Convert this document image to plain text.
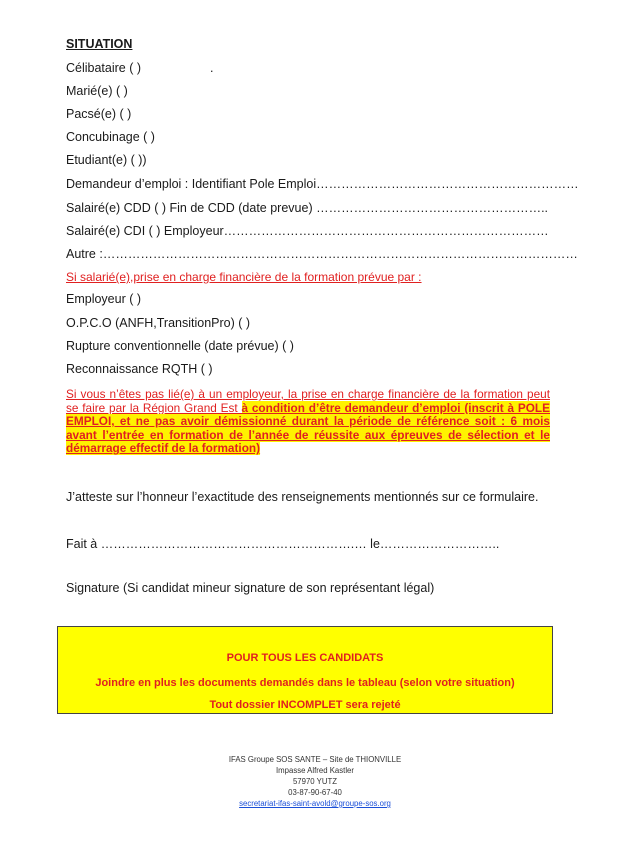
SITUATION
.
Célibataire ( )
Marié(e) ( )
Pacsé(e) ( )
Concubinage ( )
Etudiant(e) ( ))
Demandeur d’emploi : Identifiant Pole Emploi………………………………………………………
Salairé(e) CDD ( ) Fin de CDD (date prevue) ………………………………………………..
Salairé(e) CDI ( ) Employeur……………………………………………………………………
Autre :……………………………………………………………………………………………………
Si salarié(e),prise en charge financière de la formation prévue par :
Employeur ( )
O.P.C.O (ANFH,TransitionPro) ( )
Rupture conventionnelle (date prévue) ( )
Reconnaissance RQTH ( )
Si vous n’êtes pas lié(e) à un employeur, la prise en charge financière de la formation peut se faire par la Région Grand Est à condition d’être demandeur d’emploi (inscrit à POLE EMPLOI, et ne pas avoir démissionné durant la période de référence soit : 6 mois avant l’entrée en formation de l’année de réussite aux épreuves de sélection et le démarrage effectif de la formation)
J’atteste sur l’honneur l’exactitude des renseignements mentionnés sur ce formulaire.
Fait à …………………………………………………….… le………………………..
Signature (Si candidat mineur signature de son représentant légal)
POUR TOUS LES CANDIDATS
Joindre en plus les documents demandés dans le tableau (selon votre situation)
Tout dossier INCOMPLET sera rejeté
IFAS Groupe SOS SANTE – Site de THIONVILLE
Impasse Alfred Kastler
57970 YUTZ
03-87-90-67-40
secretariat-ifas-saint-avold@groupe-sos.org
